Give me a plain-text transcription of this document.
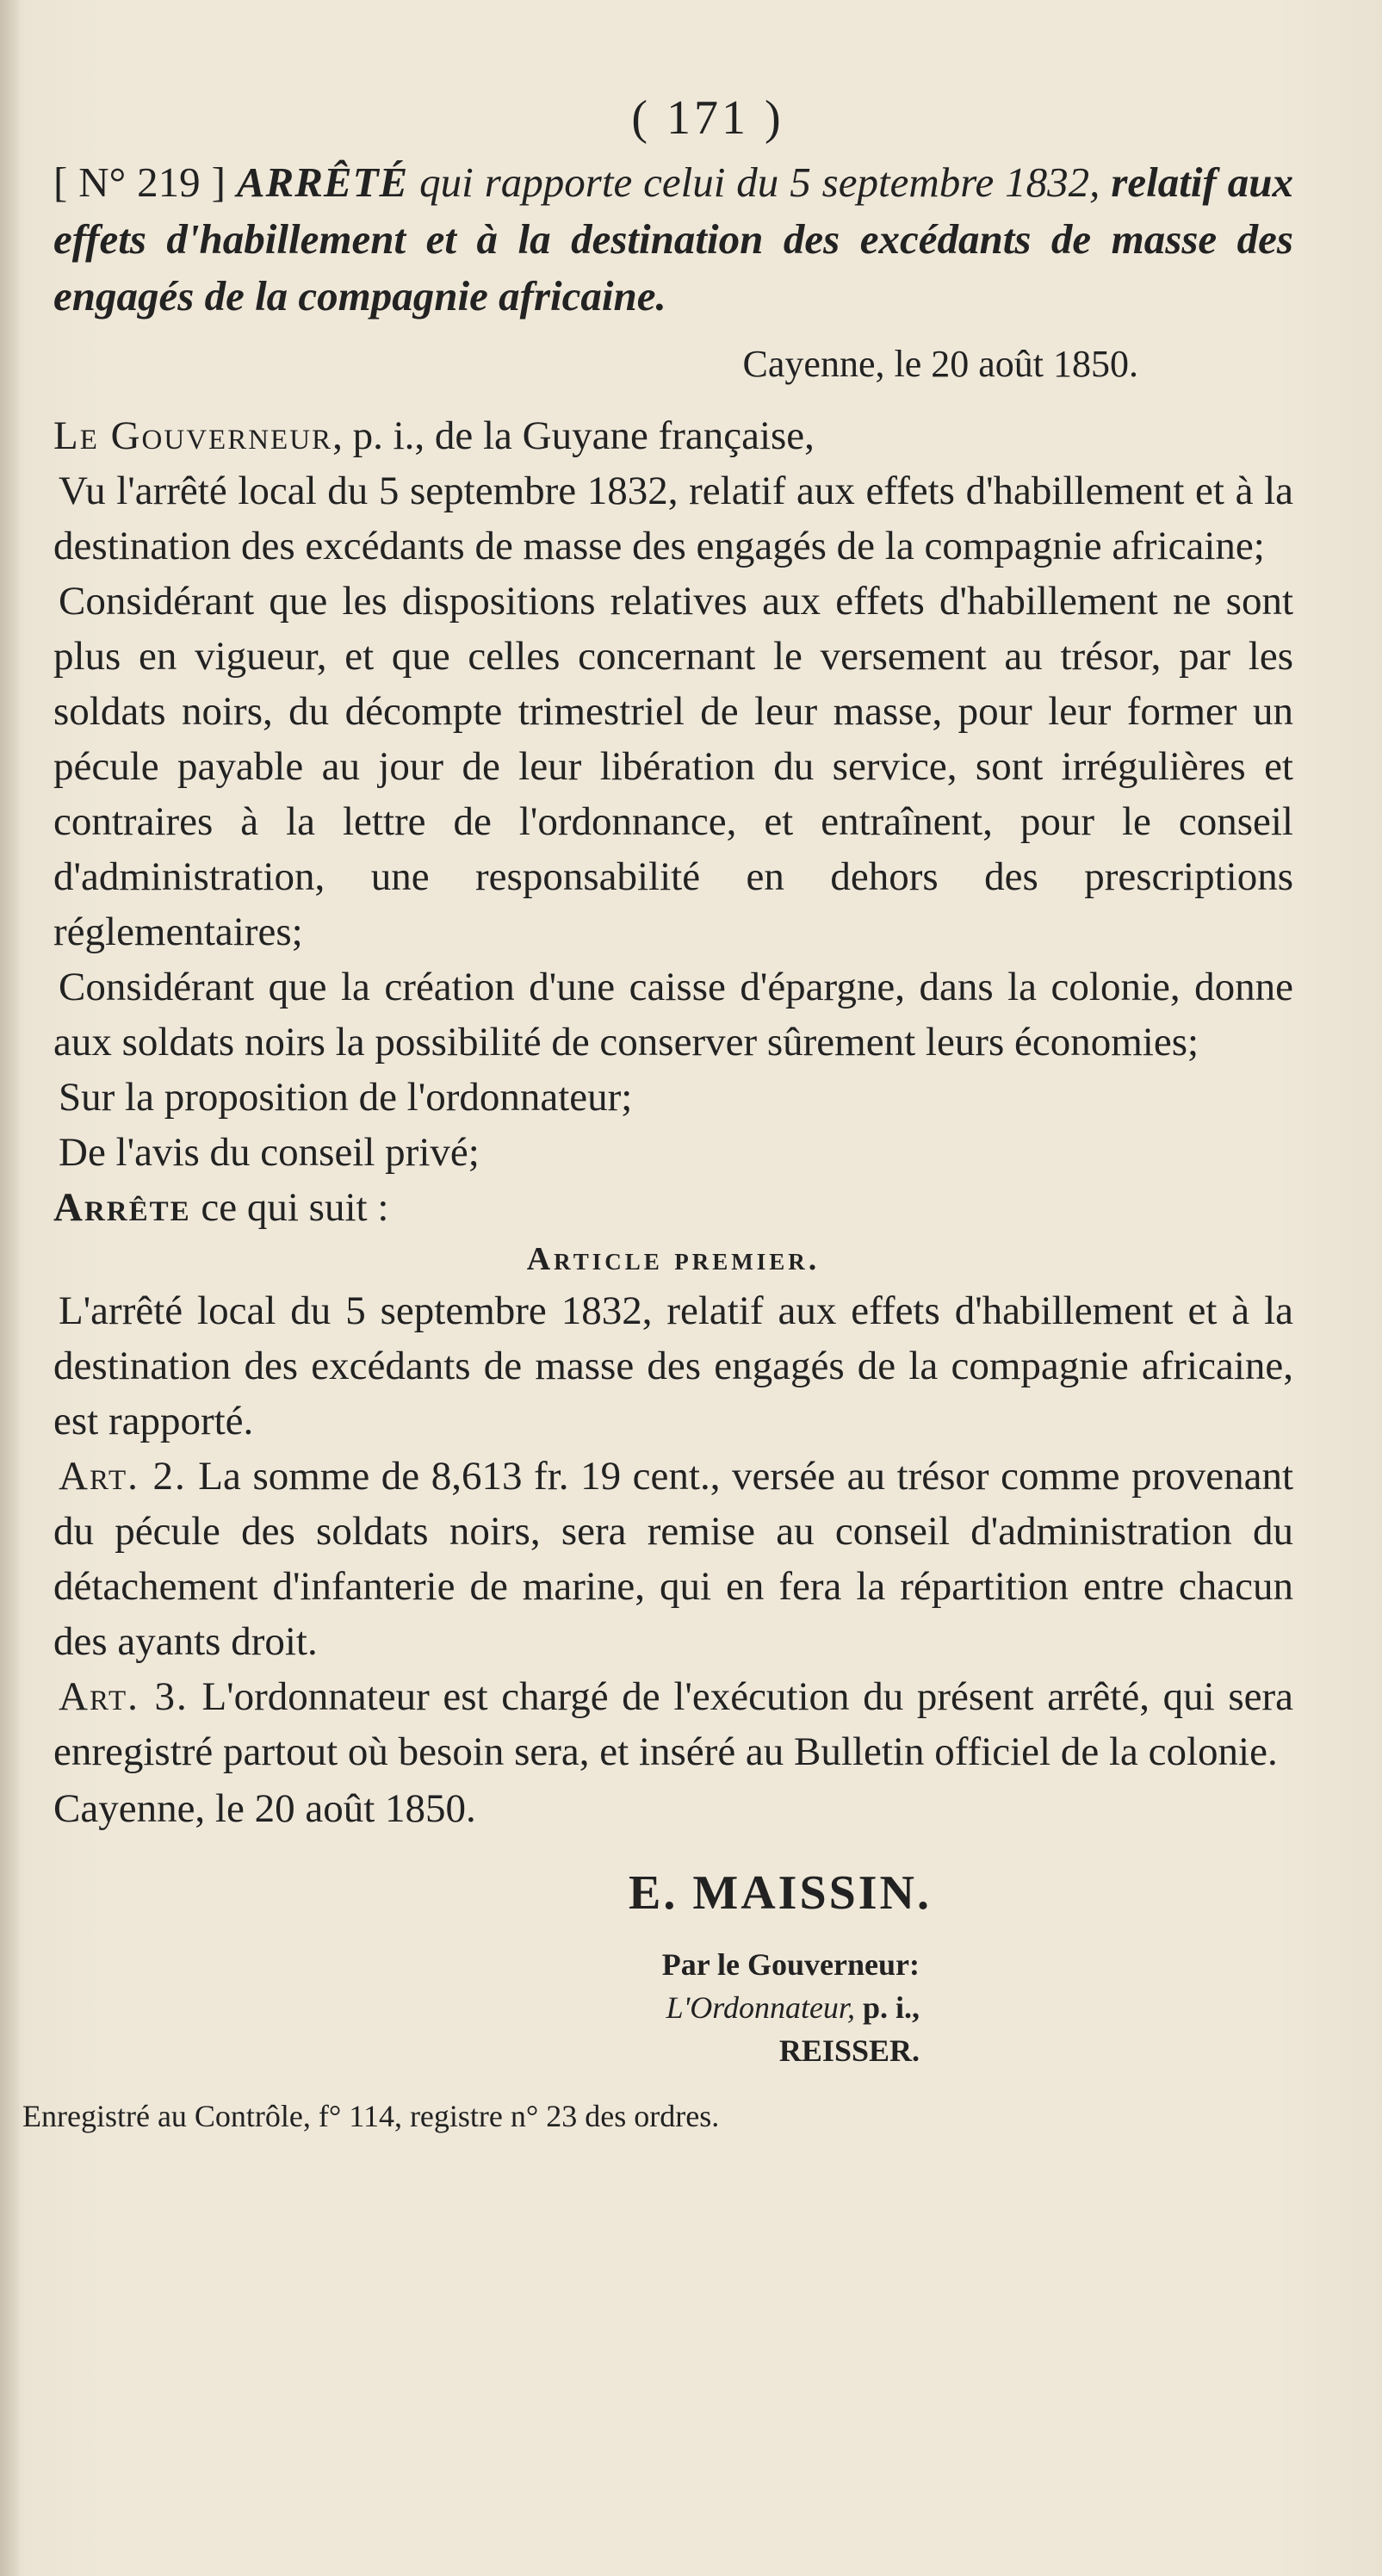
( 171 )
[ N° 219 ] ARRÊTÉ qui rapporte celui du 5 septembre 1832, relatif aux effets d'habillement et à la destination des excédants de masse des engagés de la compagnie africaine.
Cayenne, le 20 août 1850.

Le Gouverneur, p. i., de la Guyane française,

Vu l'arrêté local du 5 septembre 1832, relatif aux effets d'habillement et à la destination des excédants de masse des engagés de la compagnie africaine;

Considérant que les dispositions relatives aux effets d'habillement ne sont plus en vigueur, et que celles concernant le versement au trésor, par les soldats noirs, du décompte trimestriel de leur masse, pour leur former un pécule payable au jour de leur libération du service, sont irrégulières et contraires à la lettre de l'ordonnance, et entraînent, pour le conseil d'administration, une responsabilité en dehors des prescriptions réglementaires;

Considérant que la création d'une caisse d'épargne, dans la colonie, donne aux soldats noirs la possibilité de conserver sûrement leurs économies;

Sur la proposition de l'ordonnateur;

De l'avis du conseil privé;

Arrête ce qui suit :

Article premier.

L'arrêté local du 5 septembre 1832, relatif aux effets d'habillement et à la destination des excédants de masse des engagés de la compagnie africaine, est rapporté.

Art. 2. La somme de 8,613 fr. 19 cent., versée au trésor comme provenant du pécule des soldats noirs, sera remise au conseil d'administration du détachement d'infanterie de marine, qui en fera la répartition entre chacun des ayants droit.

Art. 3. L'ordonnateur est chargé de l'exécution du présent arrêté, qui sera enregistré partout où besoin sera, et inséré au Bulletin officiel de la colonie.

Cayenne, le 20 août 1850.
E. MAISSIN.
Par le Gouverneur:
L'Ordonnateur, p. i.,
REISSER.
Enregistré au Contrôle, f° 114, registre n° 23 des ordres.
